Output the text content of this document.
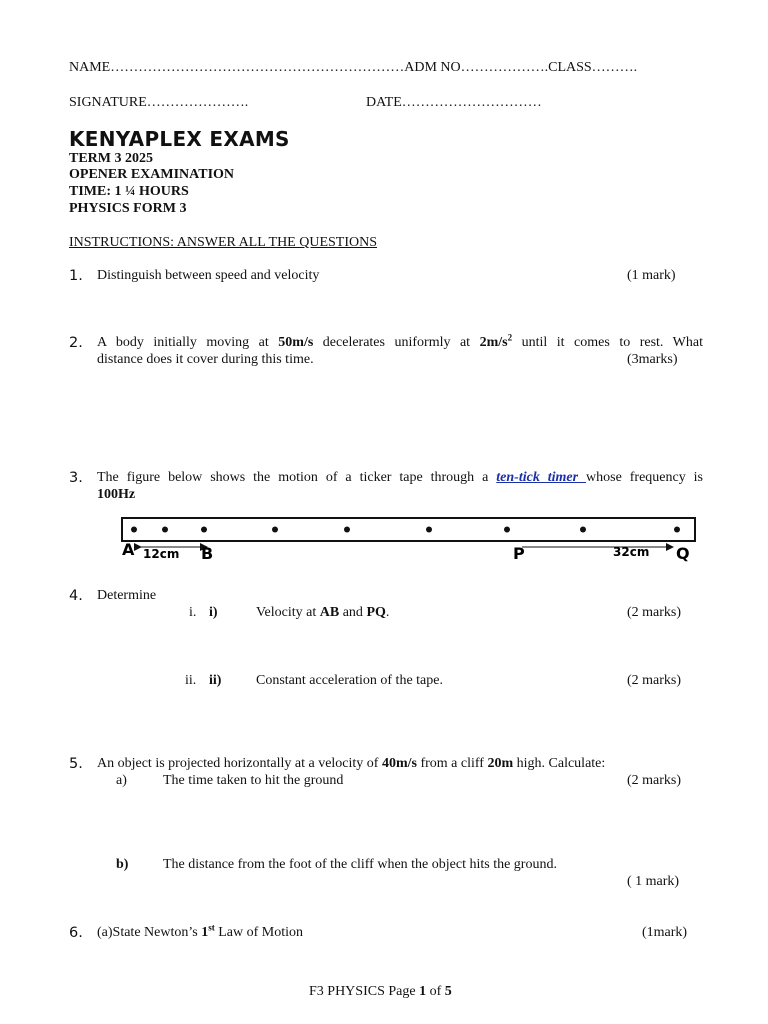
NAME………………………………………………………ADM NO……………….CLASS……….
SIGNATURE………………….	DATE…………………………
KENYAPLEX EXAMS
TERM 3 2025
OPENER EXAMINATION
TIME: 1 ¼ HOURS
PHYSICS FORM 3
INSTRUCTIONS: ANSWER ALL THE QUESTIONS
1. Distinguish between speed and velocity	(1 mark)
2. A body initially moving at 50m/s decelerates uniformly at $2m/s^2$ until it comes to rest. What
distance does it cover during this time.	(3marks)
3. The figure below shows the motion of a ticker tape through a ten-tick timer whose frequency is
100Hz
A 12cm B	P	32cm Q
4. Determine
i. i)	Velocity at AB and PQ.	(2 marks)
ii. ii) Constant acceleration of the tape.	(2 marks)
5. An object is projected horizontally at a velocity of 40m/s from a cliff 20m high. Calculate:
a)	The time taken to hit the ground	(2 marks)
b) The distance from the foot of the cliff when the object hits the ground.
( 1 mark)
6. (a)State Newton’s 1st Law of Motion	(1mark)
F3 PHYSICS Page 1 of 5
